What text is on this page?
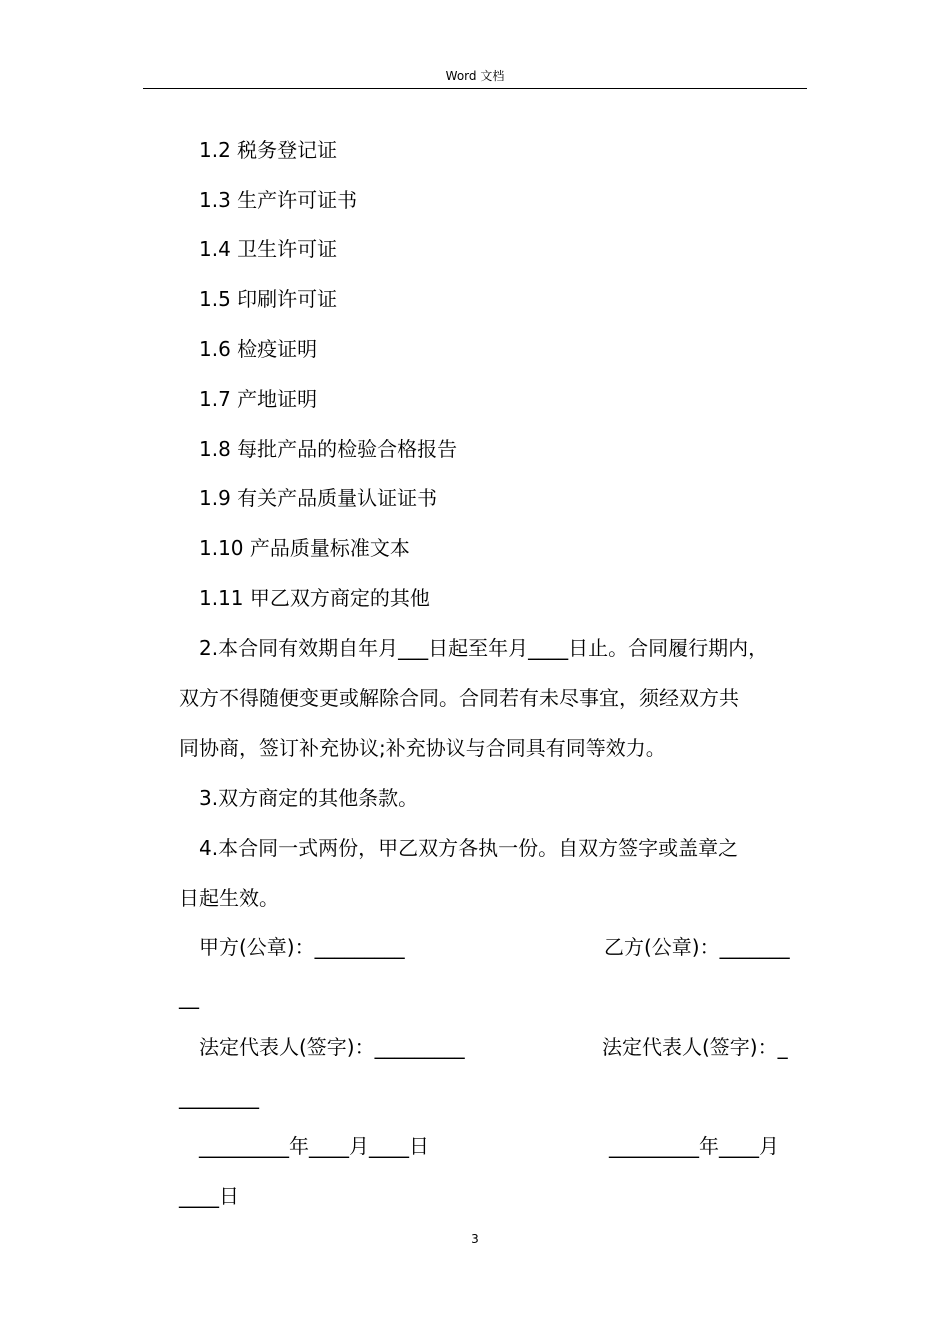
Word 文档
1.2 税务登记证
1.3 生产许可证书
1.4 卫生许可证
1.5 印刷许可证
1.6 检疫证明
1.7 产地证明
1.8 每批产品的检验合格报告
1.9 有关产品质量认证证书
1.10 产品质量标准文本
1.11 甲乙双方商定的其他
2.本合同有效期自年月___日起至年月____日止。合同履行期内，
双方不得随便变更或解除合同。合同若有未尽事宜，须经双方共
同协商，签订补充协议;补充协议与合同具有同等效力。
3.双方商定的其他条款。
4.本合同一式两份，甲乙双方各执一份。自双方签字或盖章之
日起生效。
甲方(公章)：_________	乙方(公章)：_______
__
法定代表人(签字)：_________	法定代表人(签字)：_
________
_________年____月____日	_________年____月
____日
3
